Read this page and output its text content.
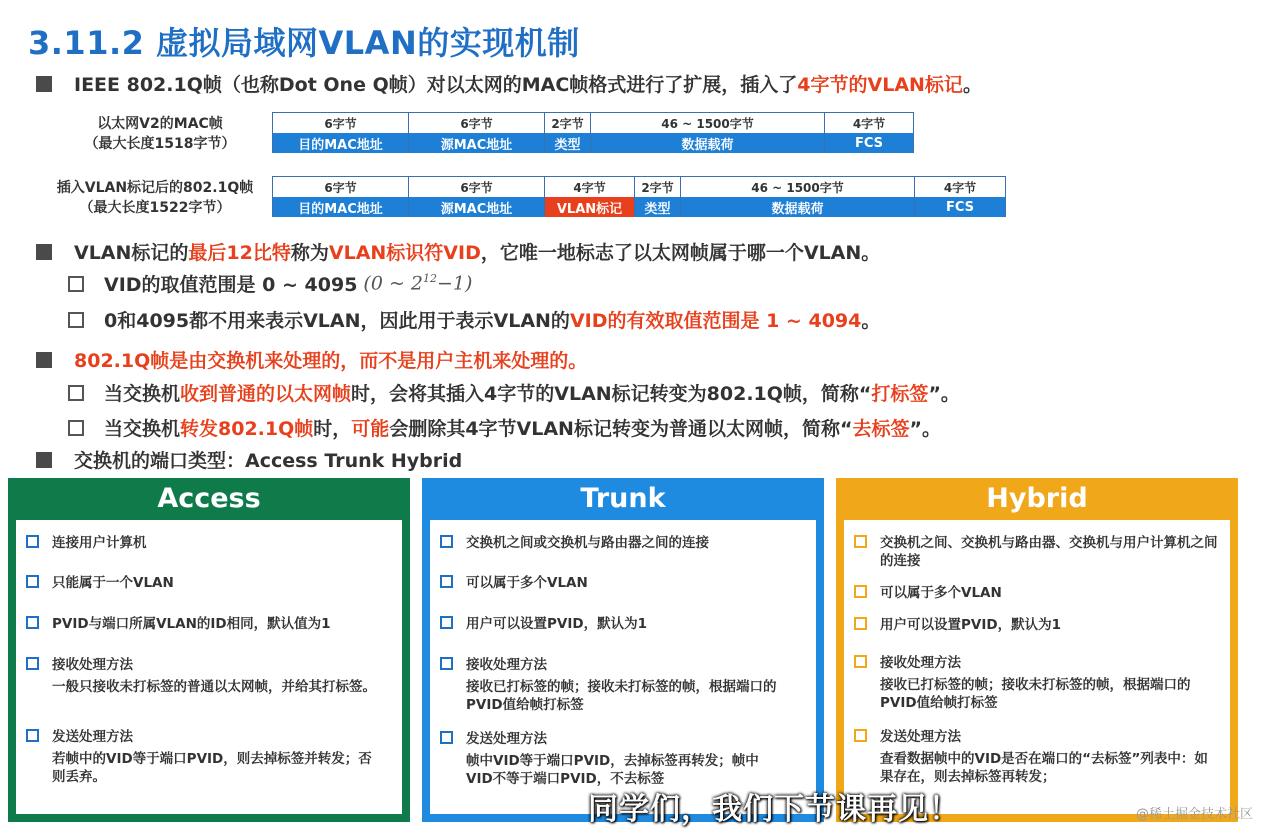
3.11.2 虚拟局域网VLAN的实现机制
IEEE 802.1Q帧（也称Dot One Q帧）对以太网的MAC帧格式进行了扩展，插入了 4字节的VLAN标记 。
以太网V2的MAC帧
（最大长度1518字节）
6字节
目的MAC地址
6字节
源MAC地址
2字节
类型
46 ~ 1500字节
数据载荷
4字节
FCS
插入VLAN标记后的802.1Q帧
（最大长度1522字节）
6字节
目的MAC地址
6字节
源MAC地址
4字节
VLAN标记
2字节
类型
46 ~ 1500字节
数据载荷
4字节
FCS
VLAN标记的 最后12比特 称为 VLAN标识符VID ，它唯一地标志了以太网帧属于哪一个VLAN。
VID的取值范围是 0 ~ 4095 (0 ~ $2^{12}-1$)
0和4095都不用来表示VLAN，因此用于表示VLAN的 VID的有效取值范围是 1 ~ 4094 。
802.1Q帧是由交换机来处理的，而不是用户主机来处理的。
当交换机 收到普通的以太网帧 时，会将其插入4字节的VLAN标记转变为802.1Q帧，简称“ 打标签 ”。
当交换机 转发802.1Q帧 时， 可能 会删除其4字节VLAN标记转变为普通以太网帧，简称“ 去标签 ”。
交换机的端口类型：Access Trunk Hybrid
Access
连接用户计算机
只能属于一个VLAN
PVID与端口所属VLAN的ID相同，默认值为1
接收处理方法
一般只接收未打标签的普通以太网帧，并给其打标签。
发送处理方法
若帧中的VID等于端口PVID，则去掉标签并转发；否则丢弃。
Trunk
交换机之间或交换机与路由器之间的连接
可以属于多个VLAN
用户可以设置PVID，默认为1
接收处理方法
接收已打标签的帧；接收未打标签的帧，根据端口的PVID值给帧打标签
发送处理方法
帧中VID等于端口PVID，去掉标签再转发；帧中VID不等于端口PVID，不去标签
Hybrid
交换机之间、交换机与路由器、交换机与用户计算机之间的连接
可以属于多个VLAN
用户可以设置PVID，默认为1
接收处理方法
接收已打标签的帧；接收未打标签的帧，根据端口的PVID值给帧打标签
发送处理方法
查看数据帧中的VID是否在端口的“去标签”列表中：如果存在，则去掉标签再转发；
同学们，我们下节课再见！	@稀土掘金技术社区
